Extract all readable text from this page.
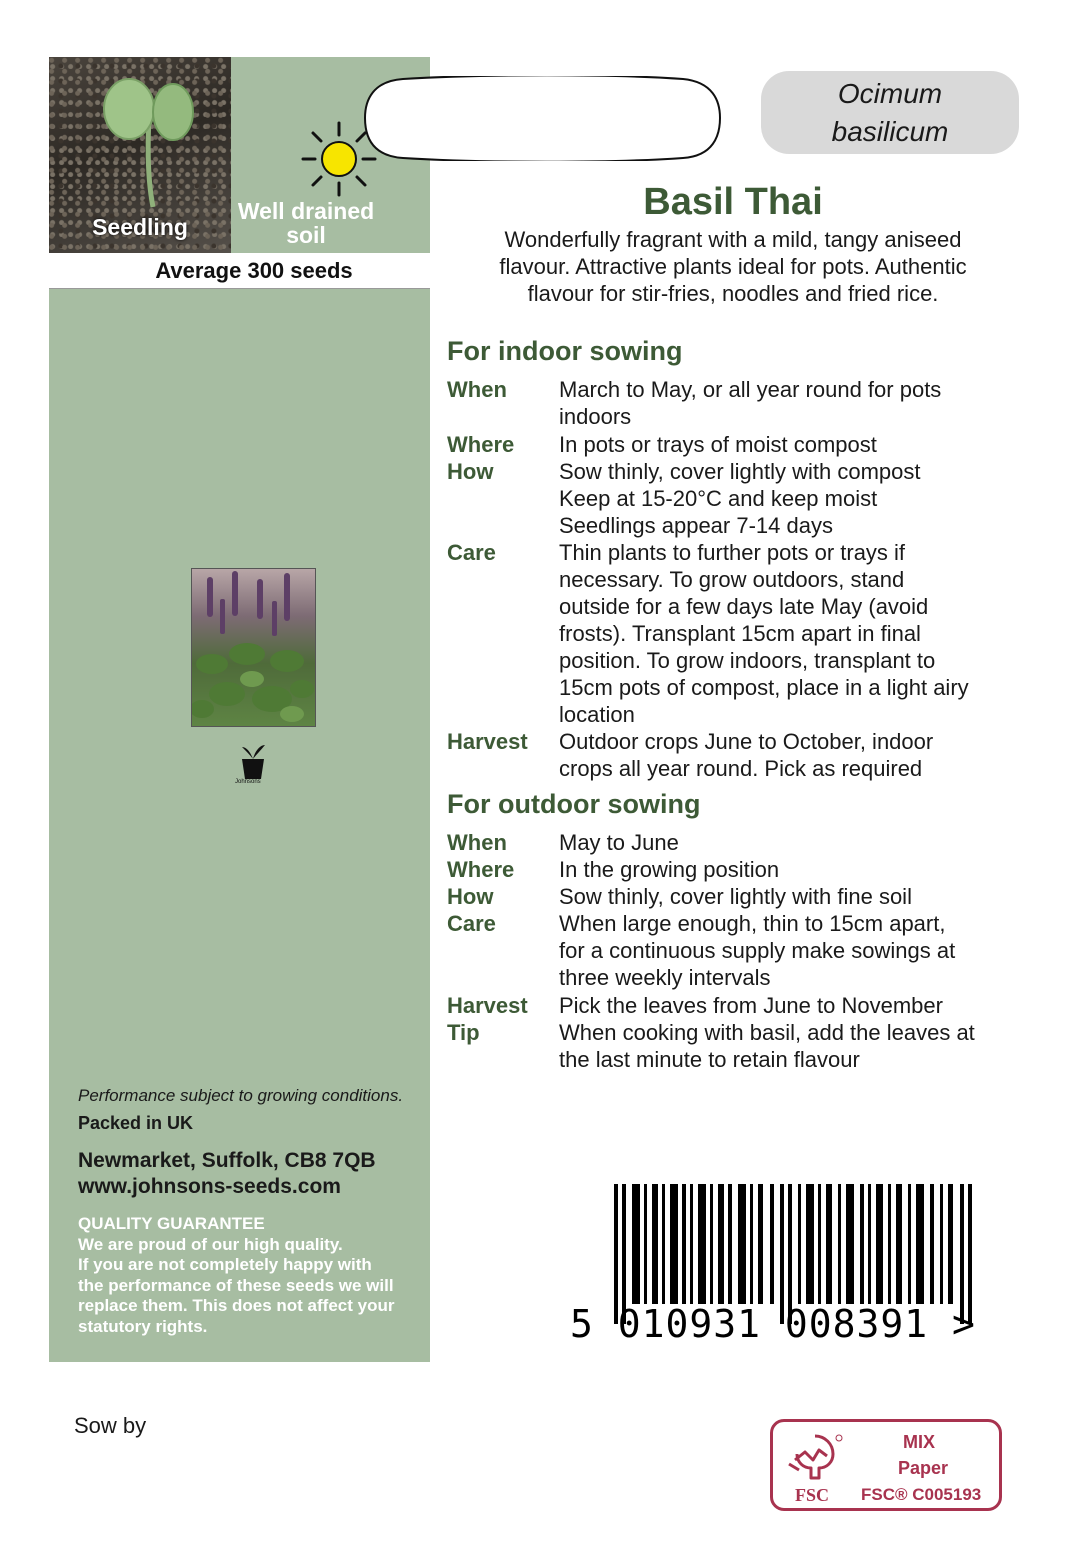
Seedling
Well drained
soil
Average 300 seeds
Johnsons
Performance subject to growing conditions.
Packed in UK
Newmarket, Suffolk, CB8 7QB
www.johnsons-seeds.com
QUALITY GUARANTEE
We are proud of our high quality.
If you are not completely happy with
the performance of these seeds we will
replace them. This does not affect your
statutory rights.
Sow by
Ocimum
basilicum
Basil Thai
Wonderfully fragrant with a mild, tangy aniseed
flavour. Attractive plants ideal for pots. Authentic
flavour for stir-fries, noodles and fried rice.
For indoor sowing
When March to May, or all year round for pots
indoors
Where In pots or trays of moist compost
How	Sow thinly, cover lightly with compost
Keep at 15-20°C and keep moist
Seedlings appear 7-14 days
Care	Thin plants to further pots or trays if
necessary. To grow outdoors, stand
outside for a few days late May (avoid
frosts). Transplant 15cm apart in final
position. To grow indoors, transplant to
15cm pots of compost, place in a light airy
location
Harvest Outdoor crops June to October, indoor
crops all year round. Pick as required
For outdoor sowing
When May to June
Where In the growing position
How	Sow thinly, cover lightly with fine soil
Care	When large enough, thin to 15cm apart,
for a continuous supply make sowings at
three weekly intervals
Harvest Pick the leaves from June to November
Tip	When cooking with basil, add the leaves at
the last minute to retain flavour
5 010931 008391 >
FSC
MIX
Paper
FSC® C005193
